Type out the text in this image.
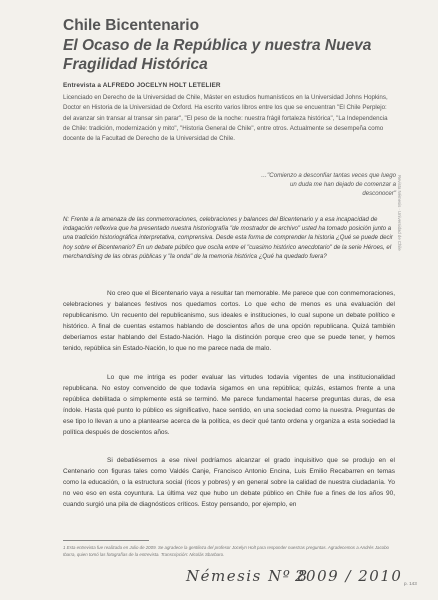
Chile Bicentenario
El Ocaso de la República y nuestra Nueva Fragilidad Histórica
Entrevista a ALFREDO JOCELYN HOLT LETELIER
Licenciado en Derecho de la Universidad de Chile, Máster en estudios humanísticos en la Universidad Johns Hopkins, Doctor en Historia de la Universidad de Oxford. Ha escrito varios libros entre los que se encuentran "El Chile Perplejo: del avanzar sin transar al transar sin parar", "El peso de la noche: nuestra frágil fortaleza histórica", "La Independencia de Chile: tradición, modernización y mito", "Historia General de Chile", entre otros. Actualmente se desempeña como docente de la Facultad de Derecho de la Universidad de Chile.
…"Comienzo a desconfiar tantas veces que luego un duda me han dejado de comenzar a desconocer"
N: Frente a la amenaza de las conmemoraciones, celebraciones y balances del Bicentenario y a esa incapacidad de indagación reflexiva que ha presentado nuestra historiografía "de mostrador de archivo" usted ha tomado posición junto a una tradición historiográfica interpretativa, comprensiva. Desde esta forma de comprender la historia ¿Qué se puede decir hoy sobre el Bicentenario? En un debate público que oscila entre el "cuasimo histórico anecdotario" de la serie Héroes, el merchandising de las obras públicas y "la onda" de la memoria histórica ¿Qué ha quedado fuera?

No creo que el Bicentenario vaya a resultar tan memorable. Me parece que con conmemoraciones, celebraciones y balances festivos nos quedamos cortos. Lo que echo de menos es una evaluación del republicanismo. Un recuento del republicanismo, sus ideales e instituciones, lo cual supone un debate político e histórico. A final de cuentas estamos hablando de doscientos años de una opción republicana. Quizá también deberíamos estar hablando del Estado-Nación. Hago la distinción porque creo que se puede tener, y hemos tenido, república sin Estado-Nación, lo que no me parece nada de malo.

Lo que me intriga es poder evaluar las virtudes todavía vigentes de una institucionalidad republicana. No estoy convencido de que todavía sigamos en una república; quizás, estamos frente a una república debilitada o simplemente está se terminó. Me parece fundamental hacerse preguntas duras, de esa índole. Hasta qué punto lo público es significativo, hace sentido, en una sociedad como la nuestra. Preguntas de ese tipo lo llevan a uno a plantearse acerca de la política, es decir qué tanto ordena y organiza a esta sociedad la política después de doscientos años.

Si debatiésemos a ese nivel podríamos alcanzar el grado inquisitivo que se produjo en el Centenario con figuras tales como Valdés Canje, Francisco Antonio Encina, Luis Emilio Recabarren en temas como la educación, o la estructura social (ricos y pobres) y en general sobre la calidad de nuestra ciudadanía. Yo no veo eso en esta coyuntura. La última vez que hubo un debate público en Chile fue a fines de los años 90, cuando surgió una pila de diagnósticos críticos. Estoy pensando, por ejemplo, en

1 Esta entrevista fue realizada en Julio de 2009. Se agradece la gentileza del profesor Jocelyn Holt para responder nuestras preguntas. Agradecemos a Andrés Jacobo Ibarra, quien tomó las fotografías de la entrevista. Transcripción: Nicolás Sbarbaro.
Némesis Nº 8
2009 / 2010 p. 143
Revista Némesis · Universidad de Chile
